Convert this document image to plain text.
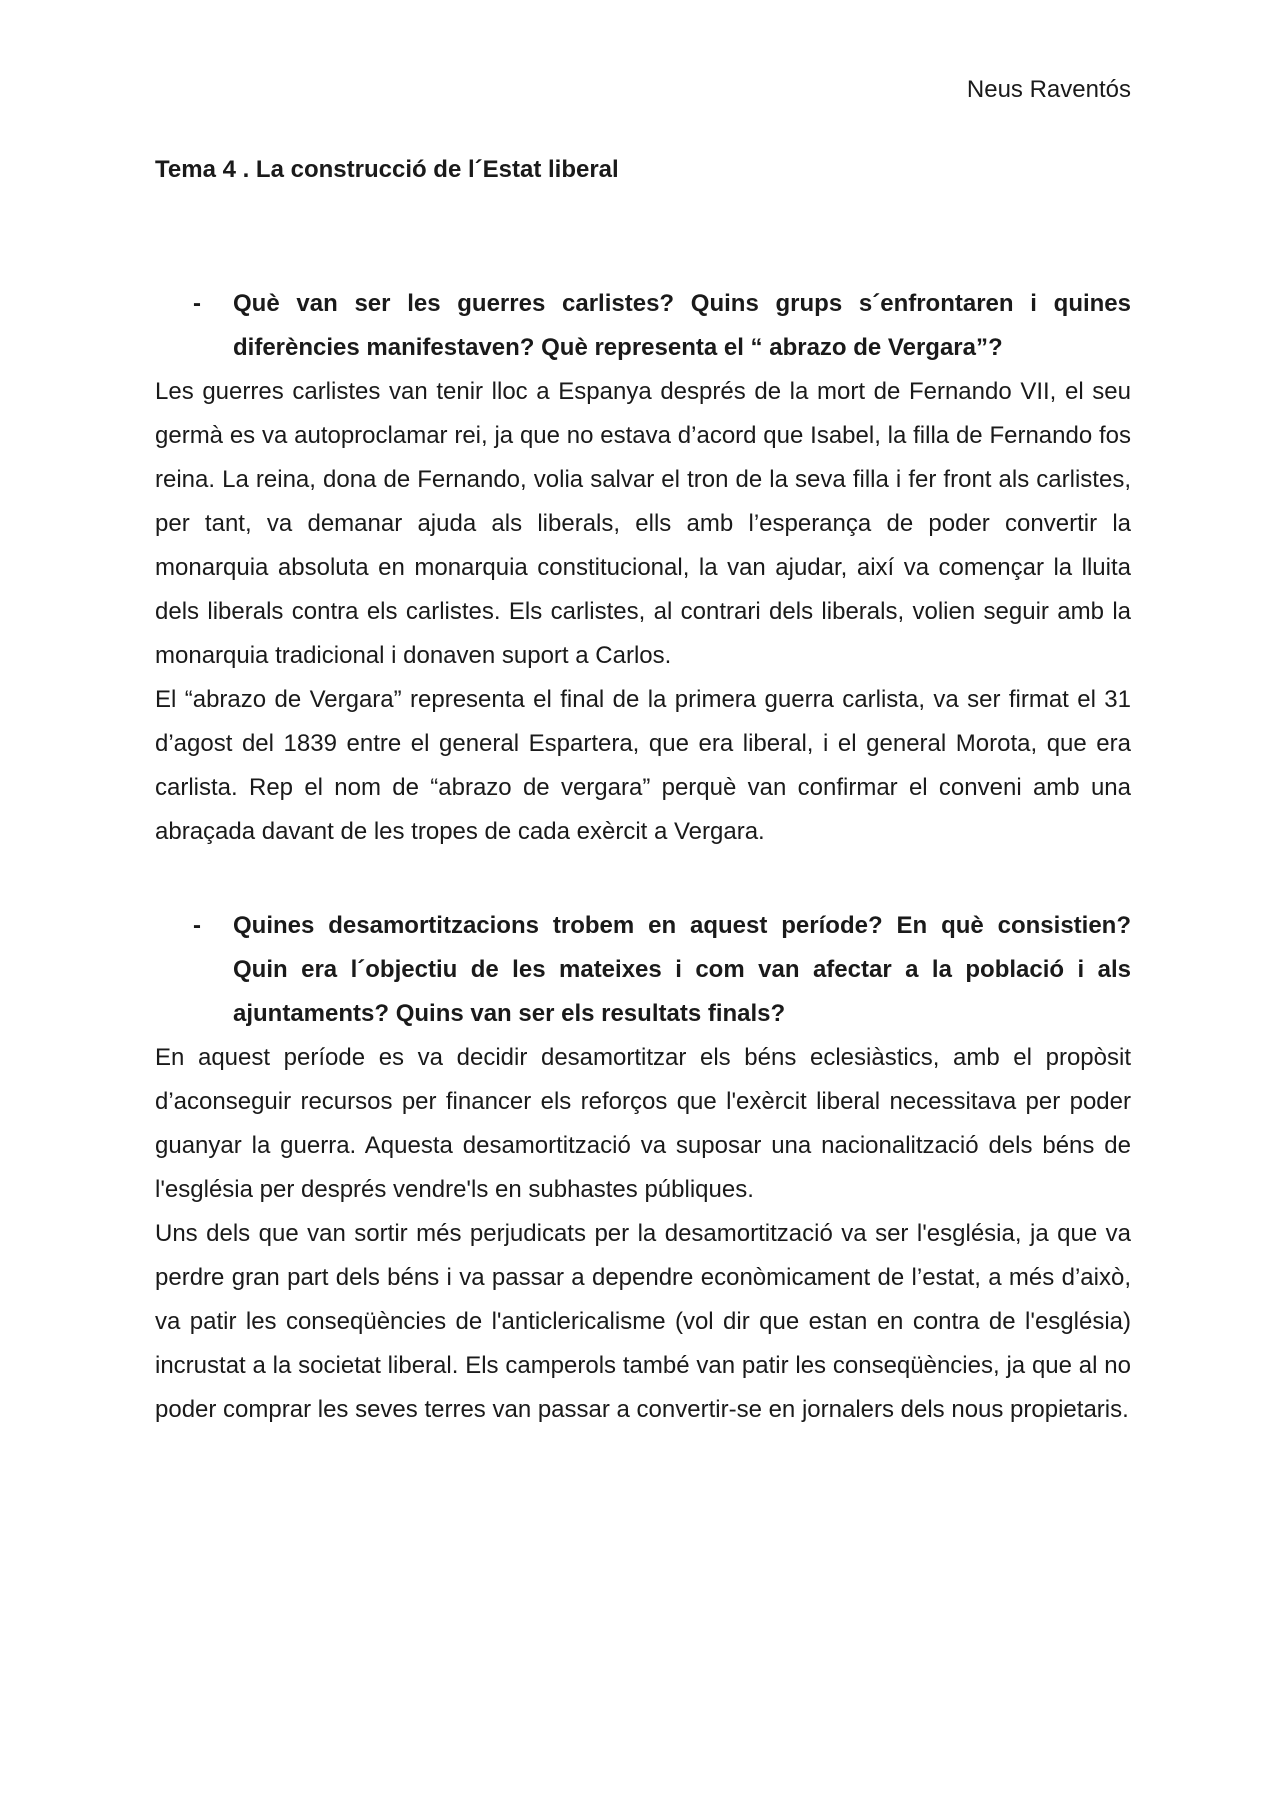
Neus Raventós
Tema 4 . La construcció de l´Estat liberal
- Què van ser les guerres carlistes? Quins grups s´enfrontaren i quines diferències manifestaven? Què representa el “ abrazo de Vergara”?

Les guerres carlistes van tenir lloc a Espanya després de la mort de Fernando VII, el seu germà es va autoproclamar rei, ja que no estava d’acord que Isabel, la filla de Fernando fos reina. La reina, dona de Fernando, volia salvar el tron de la seva filla i fer front als carlistes, per tant, va demanar ajuda als liberals, ells amb l’esperança de poder convertir la monarquia absoluta en monarquia constitucional, la van ajudar, així va començar la lluita dels liberals contra els carlistes. Els carlistes, al contrari dels liberals, volien seguir amb la monarquia tradicional i donaven suport a Carlos.

El “abrazo de Vergara” representa el final de la primera guerra carlista, va ser firmat el 31 d’agost del 1839 entre el general Espartera, que era liberal, i el general Morota, que era carlista. Rep el nom de “abrazo de vergara” perquè van confirmar el conveni amb una abraçada davant de les tropes de cada exèrcit a Vergara.

- Quines desamortitzacions trobem en aquest període? En què consistien? Quin era l´objectiu de les mateixes i com van afectar a la població i als ajuntaments? Quins van ser els resultats finals?

En aquest període es va decidir desamortitzar els béns eclesiàstics, amb el propòsit d’aconseguir recursos per financer els reforços que l'exèrcit liberal necessitava per poder guanyar la guerra. Aquesta desamortització va suposar una nacionalització dels béns de l'església per després vendre'ls en subhastes públiques.

Uns dels que van sortir més perjudicats per la desamortització va ser l'església, ja que va perdre gran part dels béns i va passar a dependre econòmicament de l’estat, a més d’això, va patir les conseqüències de l'anticlericalisme (vol dir que estan en contra de l'església) incrustat a la societat liberal. Els camperols també van patir les conseqüències, ja que al no poder comprar les seves terres van passar a convertir-se en jornalers dels nous propietaris.
